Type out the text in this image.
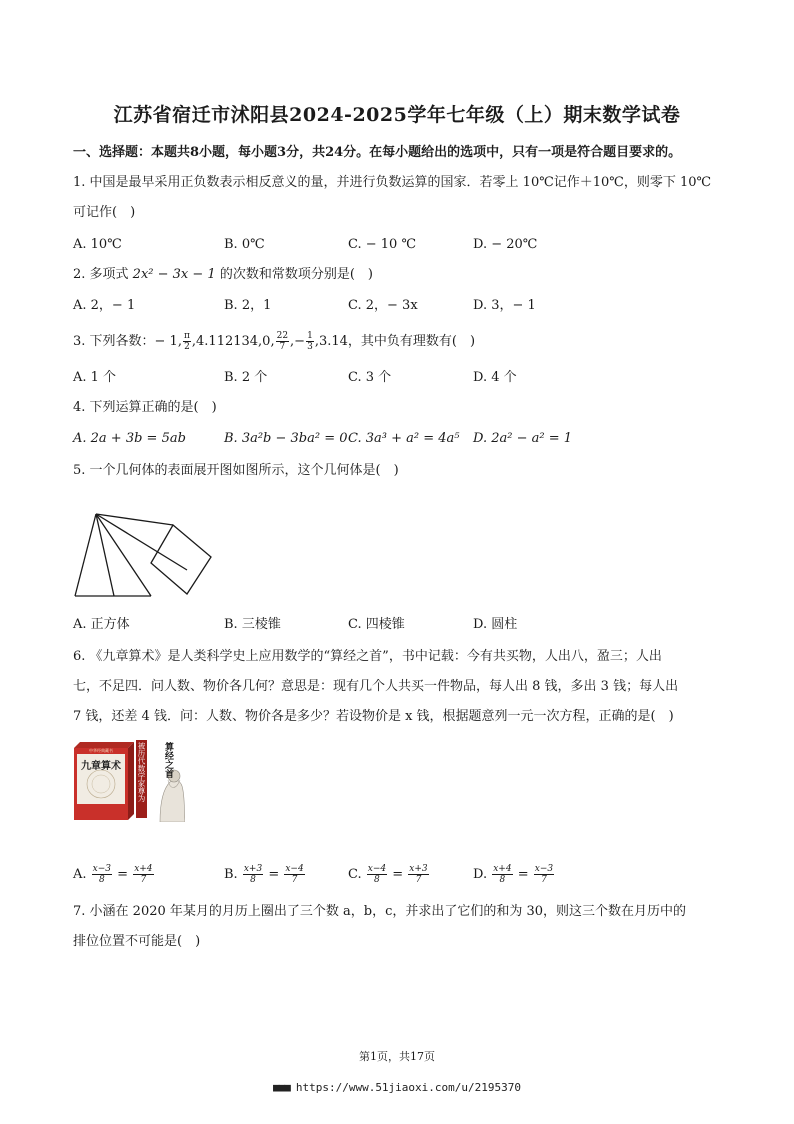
江苏省宿迁市沭阳县2024-2025学年七年级（上）期末数学试卷
一、选择题：本题共8小题，每小题3分，共24分。在每小题给出的选项中，只有一项是符合题目要求的。
1. 中国是最早采用正负数表示相反意义的量，并进行负数运算的国家．若零上 10℃记作＋10℃，则零下 10℃
可记作(　)
A. 10℃	B. 0℃	C. − 10 ℃	D. − 20℃
2. 多项式 2x² − 3x − 1 的次数和常数项分别是(　)
A. 2，− 1	B. 2，1	C. 2，− 3x	D. 3，− 1
3. 下列各数：− 1, $\frac{\pi}{2} ,4.112134,0$, $\frac{22}{7}$ ,− $\frac{1}{3} ,3.14$，其中负有理数有(　)
A. 1 个	B. 2 个	C. 3 个	D. 4 个
4. 下列运算正确的是(　)
A. 2a + 3b = 5ab	B. 3a²b − 3ba² = 0 C. 3a³ + a² = 4a⁵ D. 2a² − a² = 1
5. 一个几何体的表面展开图如图所示，这个几何体是(　)
A. 正方体	B. 三棱锥	C. 四棱锥	D. 圆柱
6. 《九章算术》是人类科学史上应用数学的“算经之首”，书中记载：今有共买物，人出八，盈三；人出
七，不足四．问人数、物价各几何？意思是：现有几个人共买一件物品，每人出 8 钱，多出 3 钱；每人出
7 钱，还差 4 钱．问：人数、物价各是多少？若设物价是 x 钱，根据题意列一元一次方程，正确的是(　)
中华经典藏书
九章算术 被历代数学家尊为 算经之首
A. $\frac{x-3}{8} = \frac{x+4}{7}$	B. $\frac{x+3}{8} = \frac{x-4}{7}$	C. $\frac{x-4}{8} = \frac{x+3}{7}$	D. $\frac{x+4}{8} = \frac{x-3}{7}$
7. 小涵在 2020 年某月的月历上圈出了三个数 a，b，c，并求出了它们的和为 30，则这三个数在月历中的
排位位置不可能是(　)
第1页，共17页
■■■ https://www.51jiaoxi.com/u/2195370
